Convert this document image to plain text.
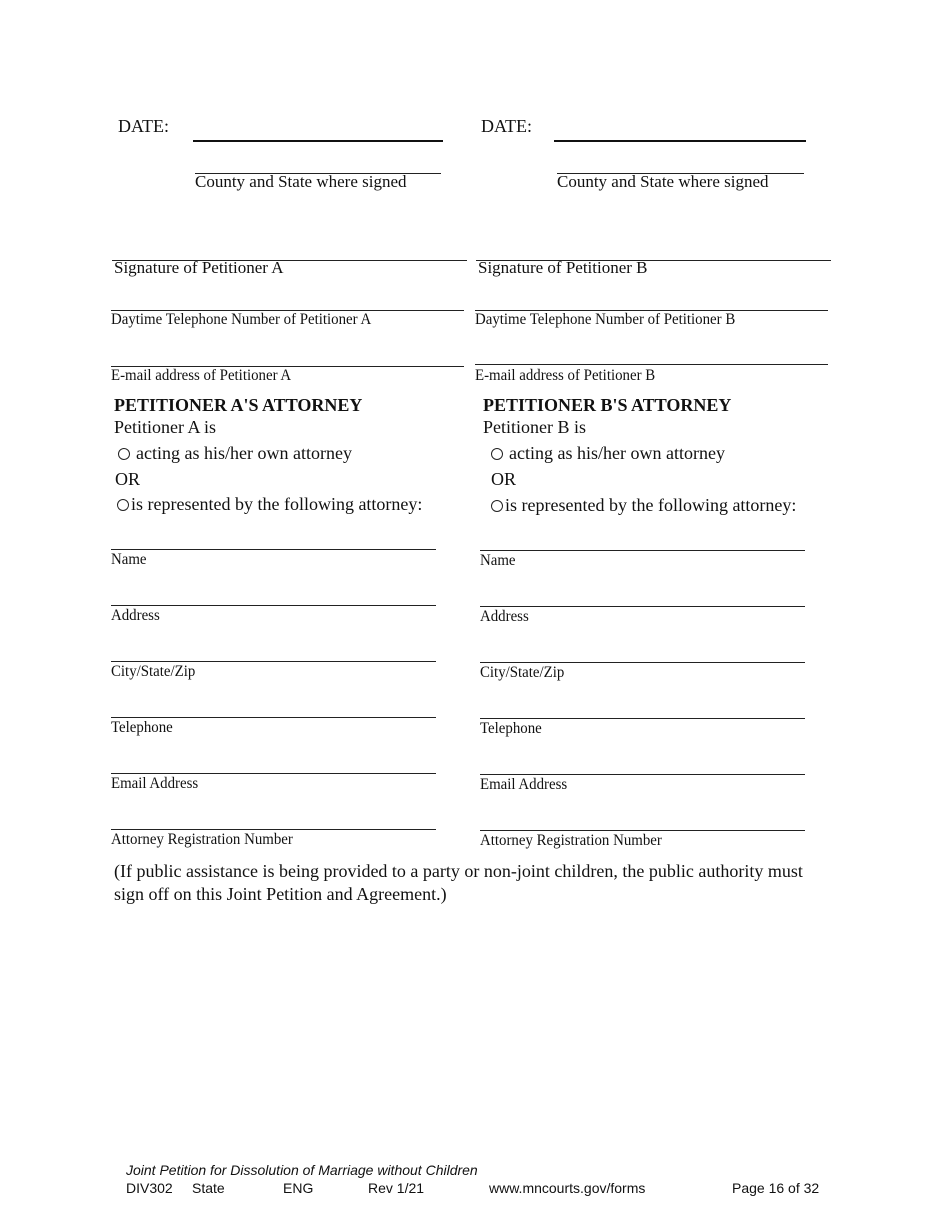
DATE:
County and State where signed
Signature of Petitioner A
Daytime Telephone Number of Petitioner A
E-mail address of Petitioner A
PETITIONER A'S ATTORNEY
Petitioner A is
acting as his/her own attorney
OR
is represented by the following attorney:
Name
Address
City/State/Zip
Telephone
Email Address
Attorney Registration Number
DATE:
County and State where signed
Signature of Petitioner B
Daytime Telephone Number of Petitioner B
E-mail address of Petitioner B
PETITIONER B'S ATTORNEY
Petitioner B is
acting as his/her own attorney
OR
is represented by the following attorney:
Name
Address
City/State/Zip
Telephone
Email Address
Attorney Registration Number
(If public assistance is being provided to a party or non-joint children, the public authority must
sign off on this Joint Petition and Agreement.)
Joint Petition for Dissolution of Marriage without Children
DIV302 State	ENG	Rev 1/21	www.mncourts.gov/forms	Page 16 of 32
